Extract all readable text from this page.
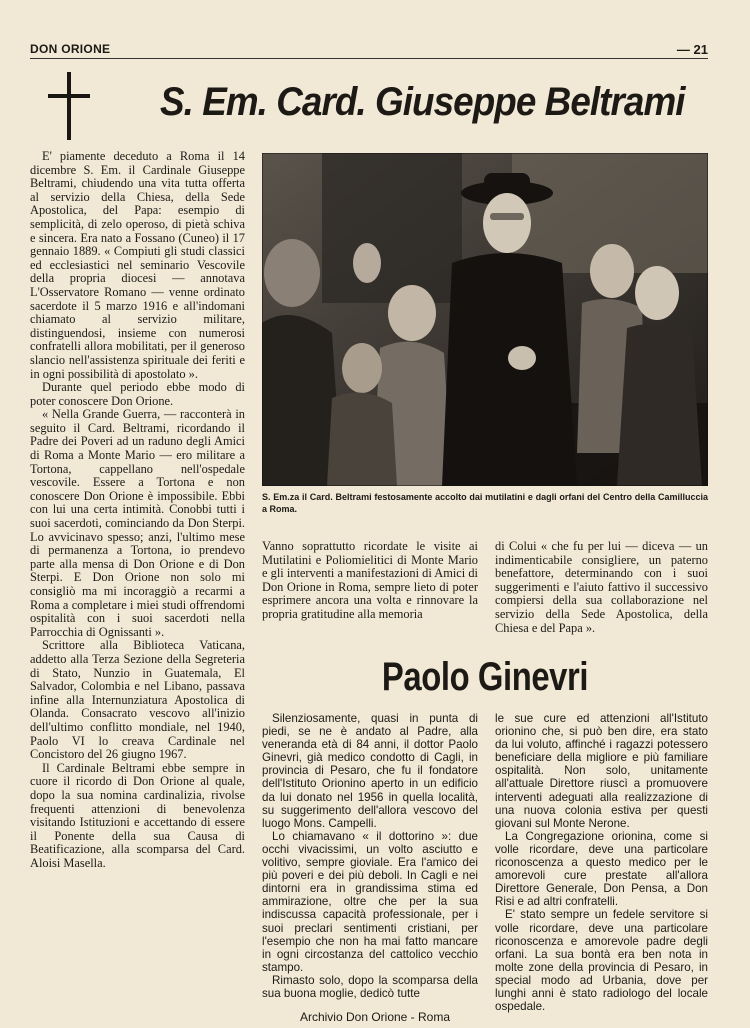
DON ORIONE	— 21
S. Em. Card. Giuseppe Beltrami

E' piamente deceduto a Roma il 14 dicembre S. Em. il Cardinale Giuseppe Beltrami, chiudendo una vita tutta offerta al servizio della Chiesa, della Sede Apostolica, del Papa: esempio di semplicità, di zelo operoso, di pietà schiva e sincera. Era nato a Fossano (Cuneo) il 17 gennaio 1889. « Compiuti gli studi classici ed ecclesiastici nel seminario Vescovile della propria diocesi — annotava L'Osservatore Romano — venne ordinato sacerdote il 5 marzo 1916 e all'indomani chiamato al servizio militare, distinguendosi, insieme con numerosi confratelli allora mobilitati, per il generoso slancio nell'assistenza spirituale dei feriti e in ogni possibilità di apostolato ».

Durante quel periodo ebbe modo di poter conoscere Don Orione.

« Nella Grande Guerra, — racconterà in seguito il Card. Beltrami, ricordando il Padre dei Poveri ad un raduno degli Amici di Roma a Monte Mario — ero militare a Tortona, cappellano nell'ospedale vescovile. Essere a Tortona e non conoscere Don Orione è impossibile. Ebbi con lui una certa intimità. Conobbi tutti i suoi sacerdoti, cominciando da Don Sterpi. Lo avvicinavo spesso; anzi, l'ultimo mese di permanenza a Tortona, io prendevo parte alla mensa di Don Orione e di Don Sterpi. E Don Orione non solo mi consigliò ma mi incoraggiò a recarmi a Roma a completare i miei studi offrendomi ospitalità con i suoi sacerdoti nella Parrocchia di Ognissanti ».

Scrittore alla Biblioteca Vaticana, addetto alla Terza Sezione della Segreteria di Stato, Nunzio in Guatemala, El Salvador, Colombia e nel Libano, passava infine alla Internunziatura Apostolica di Olanda. Consacrato vescovo all'inizio dell'ultimo conflitto mondiale, nel 1940, Paolo VI lo creava Cardinale nel Concistoro del 26 giugno 1967.

Il Cardinale Beltrami ebbe sempre in cuore il ricordo di Don Orione al quale, dopo la sua nomina cardinalizia, rivolse frequenti attenzioni di benevolenza visitando Istituzioni e accettando di essere il Ponente della sua Causa di Beatificazione, alla scomparsa del Card. Aloisi Masella.

S. Em.za il Card. Beltrami festosamente accolto dai mutilatini e dagli orfani del Centro della Camilluccia a Roma.

Vanno soprattutto ricordate le visite ai Mutilatini e Poliomielitici di Monte Mario e gli interventi a manifestazioni di Amici di Don Orione in Roma, sempre lieto di poter esprimere ancora una volta e rinnovare la propria gratitudine alla memoria

di Colui « che fu per lui — diceva — un indimenticabile consigliere, un paterno benefattore, determinando con i suoi suggerimenti e l'aiuto fattivo il successivo compiersi della sua collaborazione nel servizio della Sede Apostolica, della Chiesa e del Papa ».

Paolo Ginevri

Silenziosamente, quasi in punta di piedi, se ne è andato al Padre, alla veneranda età di 84 anni, il dottor Paolo Ginevri, già medico condotto di Cagli, in provincia di Pesaro, che fu il fondatore dell'Istituto Orionino aperto in un edificio da lui donato nel 1956 in quella località, su suggerimento dell'allora vescovo del luogo Mons. Campelli.

Lo chiamavano « il dottorino »: due occhi vivacissimi, un volto asciutto e volitivo, sempre gioviale. Era l'amico dei più poveri e dei più deboli. In Cagli e nei dintorni era in grandissima stima ed ammirazione, oltre che per la sua indiscussa capacità professionale, per i suoi preclari sentimenti cristiani, per l'esempio che non ha mai fatto mancare in ogni circostanza del cattolico vecchio stampo.

Rimasto solo, dopo la scomparsa della sua buona moglie, dedicò tutte

le sue cure ed attenzioni all'Istituto orionino che, si può ben dire, era stato da lui voluto, affinché i ragazzi potessero beneficiare della migliore e più familiare ospitalità. Non solo, unitamente all'attuale Direttore riuscì a promuovere interventi adeguati alla realizzazione di una nuova colonia estiva per questi giovani sul Monte Nerone.

La Congregazione orionina, come si volle ricordare, deve una particolare riconoscenza a questo medico per le amorevoli cure prestate all'allora Direttore Generale, Don Pensa, a Don Risi e ad altri confratelli.

E' stato sempre un fedele servitore si volle ricordare, deve una particolare riconoscenza e amorevole padre degli orfani. La sua bontà era ben nota in molte zone della provincia di Pesaro, in special modo ad Urbania, dove per lunghi anni è stato radiologo del locale ospedale.

Archivio Don Orione - Roma
